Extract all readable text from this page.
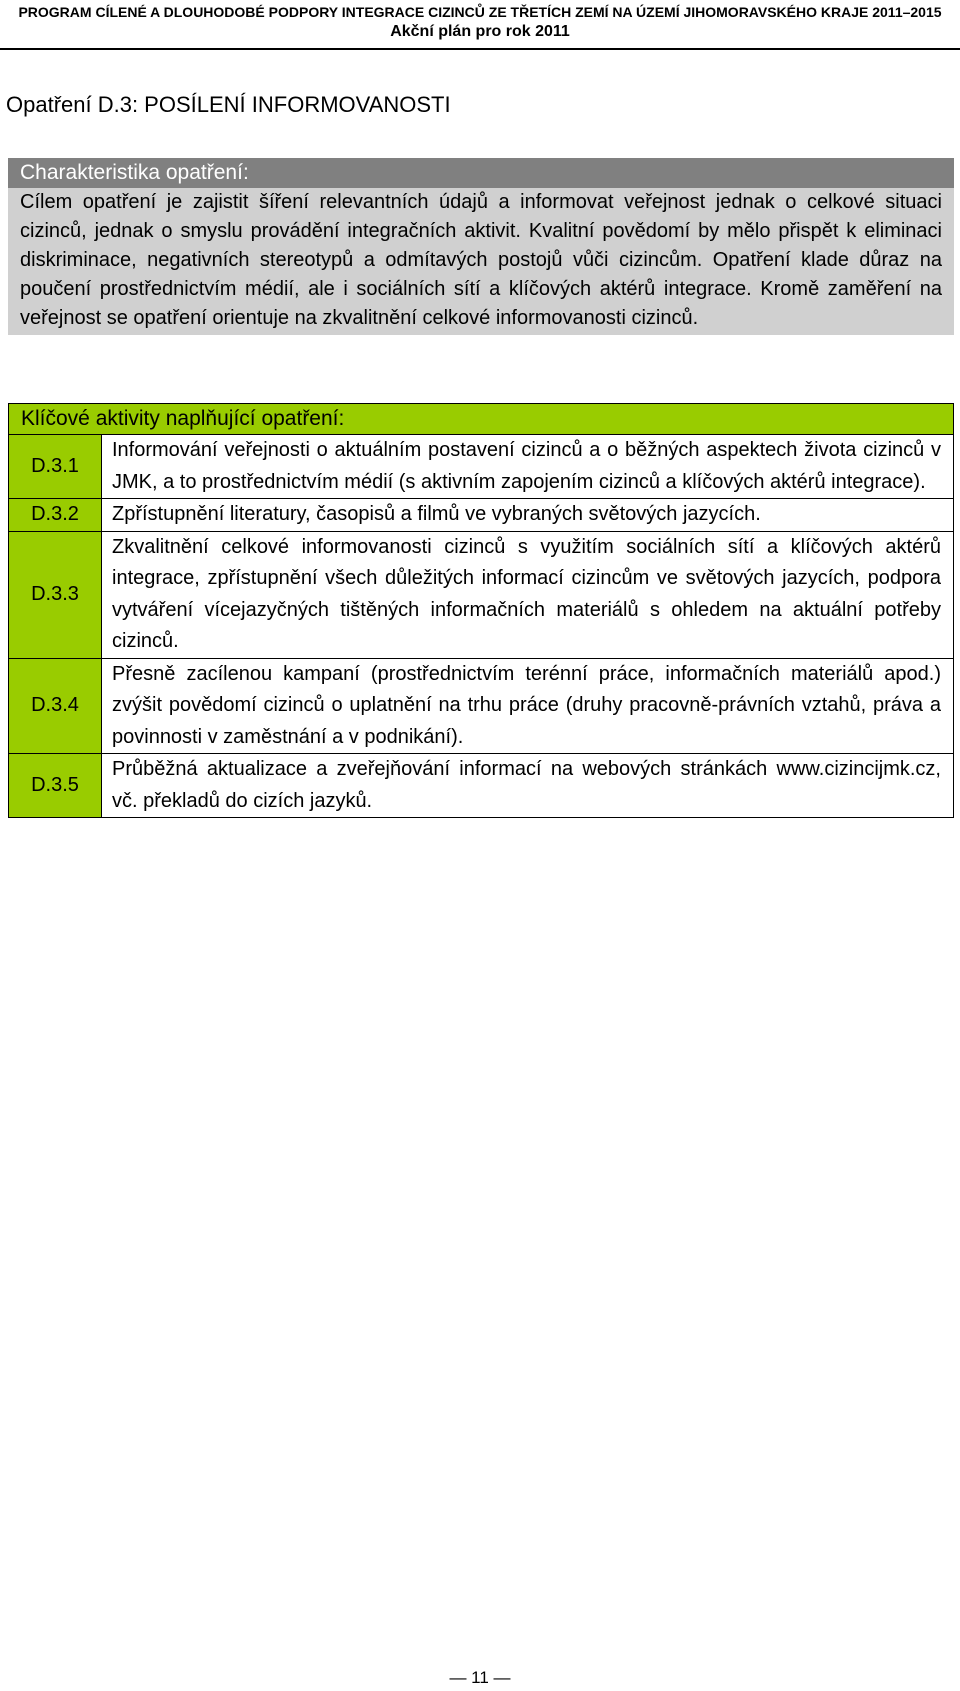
PROGRAM CÍLENÉ A DLOUHODOBÉ PODPORY INTEGRACE CIZINCŮ ZE TŘETÍCH ZEMÍ NA ÚZEMÍ JIHOMORAVSKÉHO KRAJE 2011–2015
Akční plán pro rok 2011
Opatření D.3: POSÍLENÍ INFORMOVANOSTI
Charakteristika opatření:

Cílem opatření je zajistit šíření relevantních údajů a informovat veřejnost jednak o celkové situaci cizinců, jednak o smyslu provádění integračních aktivit. Kvalitní povědomí by mělo přispět k eliminaci diskriminace, negativních stereotypů a odmítavých postojů vůči cizincům. Opatření klade důraz na poučení prostřednictvím médií, ale i sociálních sítí a klíčových aktérů integrace. Kromě zaměření na veřejnost se opatření orientuje na zkvalitnění celkové informovanosti cizinců.

Klíčové aktivity naplňující opatření:	
D.3.1	Informování veřejnosti o aktuálním postavení cizinců a o běžných aspektech života cizinců v JMK, a to prostřednictvím médií (s aktivním zapojením cizinců a klíčových aktérů integrace).
D.3.2	Zpřístupnění literatury, časopisů a filmů ve vybraných světových jazycích.
D.3.3	Zkvalitnění celkové informovanosti cizinců s využitím sociálních sítí a klíčových aktérů integrace, zpřístupnění všech důležitých informací cizincům ve světových jazycích, podpora vytváření vícejazyčných tištěných informačních materiálů s ohledem na aktuální potřeby cizinců.
D.3.4	Přesně zacílenou kampaní (prostřednictvím terénní práce, informačních materiálů apod.) zvýšit povědomí cizinců o uplatnění na trhu práce (druhy pracovně-právních vztahů, práva a povinnosti v zaměstnání a v podnikání).
D.3.5	Průběžná aktualizace a zveřejňování informací na webových stránkách www.cizincijmk.cz, vč. překladů do cizích jazyků.
— 11 —
